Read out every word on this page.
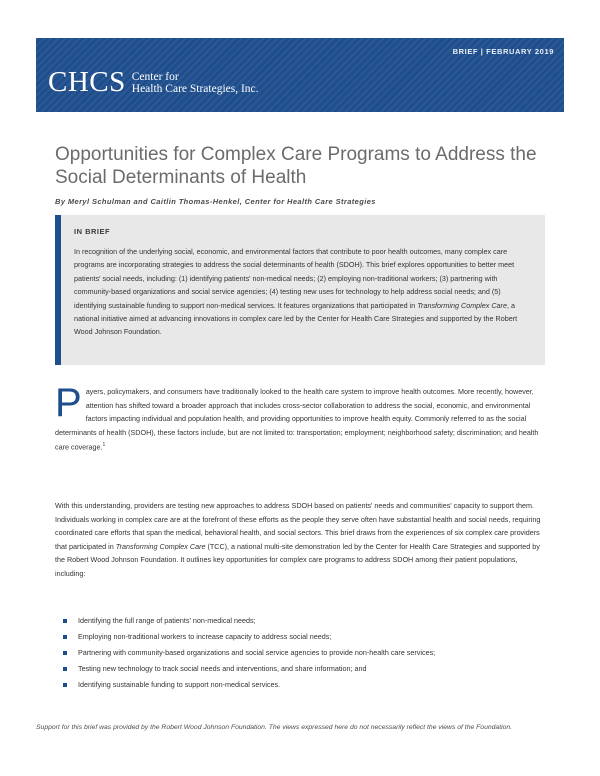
BRIEF | FEBRUARY 2019
CHCS Center for
Health Care Strategies, Inc.
Opportunities for Complex Care Programs to Address the Social Determinants of Health
By Meryl Schulman and Caitlin Thomas-Henkel, Center for Health Care Strategies
IN BRIEF
In recognition of the underlying social, economic, and environmental factors that contribute to poor health outcomes, many complex care programs are incorporating strategies to address the social determinants of health (SDOH). This brief explores opportunities to better meet patients' social needs, including: (1) identifying patients' non-medical needs; (2) employing non-traditional workers; (3) partnering with community-based organizations and social service agencies; (4) testing new uses for technology to help address social needs; and (5) identifying sustainable funding to support non-medical services. It features organizations that participated in Transforming Complex Care, a national initiative aimed at advancing innovations in complex care led by the Center for Health Care Strategies and supported by the Robert Wood Johnson Foundation.
Payers, policymakers, and consumers have traditionally looked to the health care system to improve health outcomes. More recently, however, attention has shifted toward a broader approach that includes cross-sector collaboration to address the social, economic, and environmental factors impacting individual and population health, and providing opportunities to improve health equity. Commonly referred to as the social determinants of health (SDOH), these factors include, but are not limited to: transportation; employment; neighborhood safety; discrimination; and health care coverage.$^1$
With this understanding, providers are testing new approaches to address SDOH based on patients' needs and communities' capacity to support them. Individuals working in complex care are at the forefront of these efforts as the people they serve often have substantial health and social needs, requiring coordinated care efforts that span the medical, behavioral health, and social sectors. This brief draws from the experiences of six complex care providers that participated in Transforming Complex Care (TCC), a national multi-site demonstration led by the Center for Health Care Strategies and supported by the Robert Wood Johnson Foundation. It outlines key opportunities for complex care programs to address SDOH among their patient populations, including:
Identifying the full range of patients' non-medical needs;
Employing non-traditional workers to increase capacity to address social needs;
Partnering with community-based organizations and social service agencies to provide non-health care services;
Testing new technology to track social needs and interventions, and share information; and
Identifying sustainable funding to support non-medical services.
Support for this brief was provided by the Robert Wood Johnson Foundation. The views expressed here do not necessarily reflect the views of the Foundation.
